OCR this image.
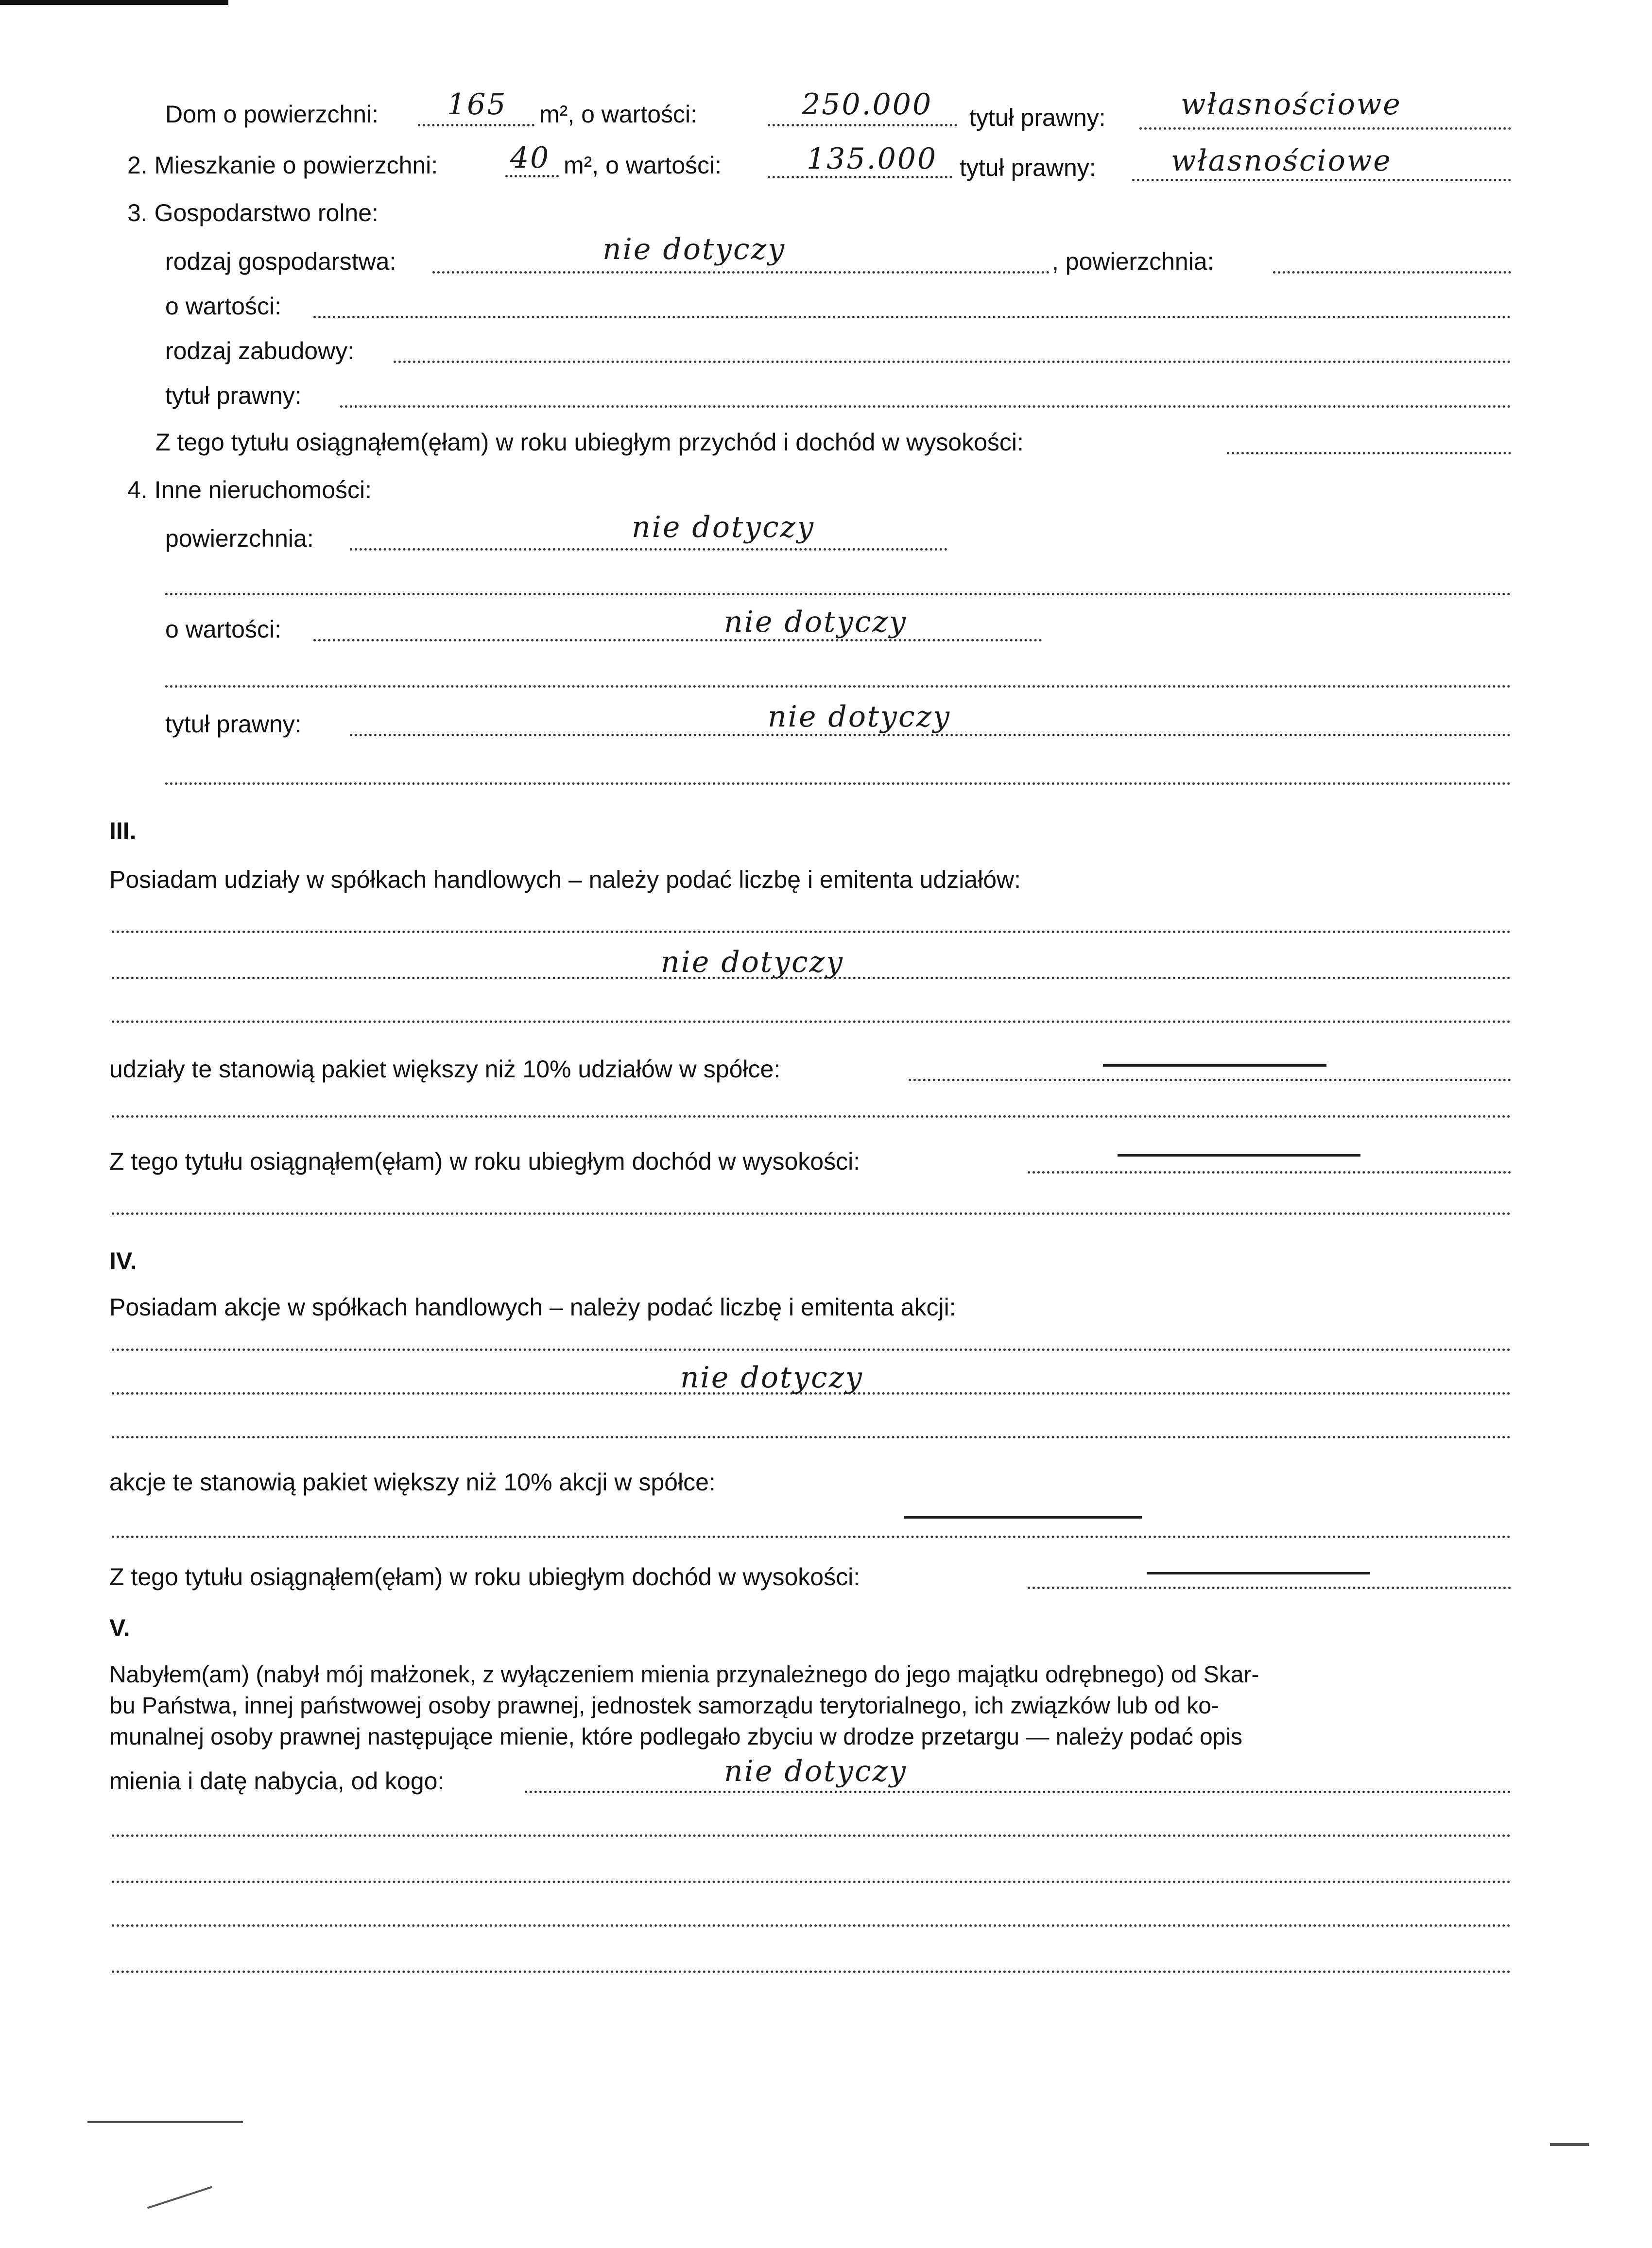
Dom o powierzchni: 165 m², o wartości:	250.000 tytuł prawny:	własnościowe
2. Mieszkanie o powierzchni: 40 m², o wartości:	135.000 tytuł prawny:	własnościowe
3. Gospodarstwo rolne:
rodzaj gospodarstwa:	nie dotyczy	, powierzchnia:
o wartości:
rodzaj zabudowy:
tytuł prawny:
Z tego tytułu osiągnąłem(ęłam) w roku ubiegłym przychód i dochód w wysokości:
4. Inne nieruchomości:
powierzchnia:	nie dotyczy
o wartości:	nie dotyczy
tytuł prawny:	nie dotyczy
III.
Posiadam udziały w spółkach handlowych – należy podać liczbę i emitenta udziałów:
nie dotyczy
udziały te stanowią pakiet większy niż 10% udziałów w spółce:
Z tego tytułu osiągnąłem(ęłam) w roku ubiegłym dochód w wysokości:
IV.
Posiadam akcje w spółkach handlowych – należy podać liczbę i emitenta akcji:
nie dotyczy
akcje te stanowią pakiet większy niż 10% akcji w spółce:
Z tego tytułu osiągnąłem(ęłam) w roku ubiegłym dochód w wysokości:
V.
Nabyłem(am) (nabył mój małżonek, z wyłączeniem mienia przynależnego do jego majątku odrębnego) od Skar-
bu Państwa, innej państwowej osoby prawnej, jednostek samorządu terytorialnego, ich związków lub od ko-
munalnej osoby prawnej następujące mienie, które podlegało zbyciu w drodze przetargu — należy podać opis
mienia i datę nabycia, od kogo:	nie dotyczy
